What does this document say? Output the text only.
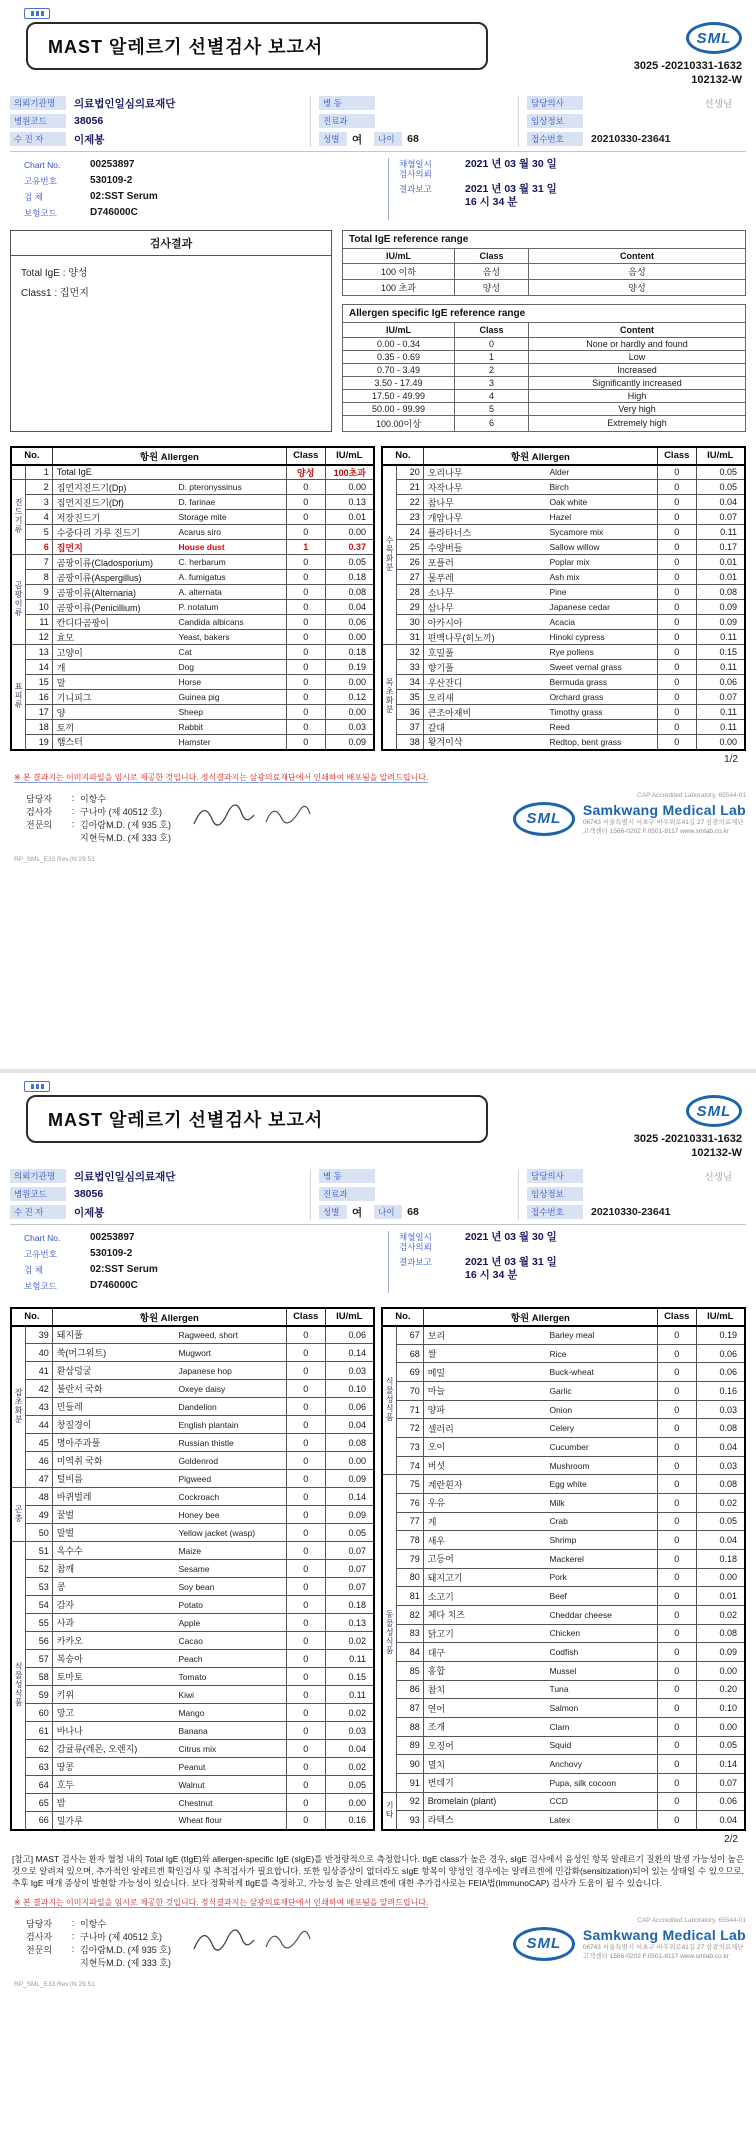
MAST 알레르기 선별검사 보고서	SML
3025 -20210331-1632
102132-W
의뢰기관명	의료법인일심의료재단
병원코드	38056
수 진 자	이제봉
병 동
진료과
성별	여	나이	68
담당의사	선생님
임상정보
접수번호	20210330-23641
Chart No.	00253897
고유번호	530109-2
검 체	02:SST Serum
보험코드	D746000C
채혈일시
검사의뢰
2021 년 03 월 30 일
결과보고	2021 년 03 월 31 일
16 시 34 분
검사결과
Total IgE : 양성
Class1 : 집먼지
Total IgE reference range		
IU/mL	Class	Content
100 이하	음성	음성
100 초과	양성	양성
Allergen specific IgE reference range		
IU/mL	Class	Content
0.00 - 0.34	0	None or hardly and found
0.35 - 0.69	1	Low
0.70 - 3.49	2	Increased
3.50 - 17.49	3	Significantly increased
17.50 - 49.99	4	High
50.00 - 99.99	5	Very high
100.00이상	6	Extremely high
No.		항원 Allergen		Class	IU/mL
	1	Total IgE		양성	100초과
진드기류	2	집먼지진드기(Dp)	D. pteronyssinus	0	0.00
	3	집먼지진드기(Df)	D. farinae	0	0.13
	4	저장진드기	Storage mite	0	0.01
	5	수중다리 가루 진드기	Acarus siro	0	0.00
	6	집먼지	House dust	1	0.37
곰팡이류	7	곰팡이류(Cladosporium)	C. herbarum	0	0.05
	8	곰팡이류(Aspergillus)	A. fumigatus	0	0.18
	9	곰팡이류(Alternaria)	A. alternata	0	0.08
	10	곰팡이류(Penicillium)	P. notatum	0	0.04
	11	칸디다곰팡이	Candida albicans	0	0.06
	12	효모	Yeast, bakers	0	0.00
표피류	13	고양이	Cat	0	0.18
	14	개	Dog	0	0.19
	15	말	Horse	0	0.00
	16	기니피그	Guinea pig	0	0.12
	17	양	Sheep	0	0.00
	18	토끼	Rabbit	0	0.03
	19	햄스터	Hamster	0	0.09
No.		항원 Allergen		Class	IU/mL
수목화분	20	오리나무	Alder	0	0.05
	21	자작나무	Birch	0	0.05
	22	참나무	Oak white	0	0.04
	23	개암나무	Hazel	0	0.07
	24	플라타너스	Sycamore mix	0	0.11
	25	수양버들	Sallow willow	0	0.17
	26	포플러	Poplar mix	0	0.01
	27	물푸레	Ash mix	0	0.01
	28	소나무	Pine	0	0.08
	29	삼나무	Japanese cedar	0	0.09
	30	아카시아	Acacia	0	0.09
	31	편백나무(히노끼)	Hinoki cypress	0	0.11
목초화분	32	호밀풀	Rye pollens	0	0.15
	33	향기풀	Sweet vernal grass	0	0.11
	34	우산잔디	Bermuda grass	0	0.06
	35	오리새	Orchard grass	0	0.07
	36	큰조아재비	Timothy grass	0	0.11
	37	갈대	Reed	0	0.11
	38	왕겨이삭	Redtop, bent grass	0	0.00
1/2
※ 본 결과지는 이미지파일을 임시로 제공한 것입니다. 정식결과지는 삼광의료재단에서 인쇄하여 배포됨을 알려드립니다.
담당자	: 이항수
검사자	: 구나마 (제 40512 호)
전문의	: 김아람M.D. (제 935 호)
지현득M.D. (제 333 호)
CAP Accredited Laboratory, 65544-01
SML
Samkwang Medical Lab
06743 서울특별시 서초구 바우뫼로41길 27 삼광의료재단
고객센터 1566-0202 F.0501-8117 www.smlab.co.kr
RP_SML_E33 Rev.(N 29.51
MAST 알레르기 선별검사 보고서	SML
3025 -20210331-1632
102132-W
의뢰기관명	의료법인일심의료재단
병원코드	38056
수 진 자	이제봉
병 동
진료과
성별	여	나이	68
담당의사	선생님
임상정보
접수번호	20210330-23641
Chart No.	00253897
고유번호	530109-2
검 체	02:SST Serum
보험코드	D746000C
채혈일시
검사의뢰
2021 년 03 월 30 일
결과보고	2021 년 03 월 31 일
16 시 34 분
No.		항원 Allergen		Class	IU/mL
잡초화분	39	돼지풀	Ragweed, short	0	0.06
	40	쑥(머그워트)	Mugwort	0	0.14
	41	환삼덩굴	Japanese hop	0	0.03
	42	불란서 국화	Oxeye daisy	0	0.10
	43	민들레	Dandelion	0	0.06
	44	창질경이	English plantain	0	0.04
	45	명아주과풀	Russian thistle	0	0.08
	46	미역취 국화	Goldenrod	0	0.00
	47	털비름	Pigweed	0	0.09
곤충	48	바퀴벌레	Cockroach	0	0.14
	49	꿀벌	Honey bee	0	0.09
	50	말벌	Yellow jacket (wasp)	0	0.05
식물성식품	51	옥수수	Maize	0	0.07
	52	참깨	Sesame	0	0.07
	53	콩	Soy bean	0	0.07
	54	감자	Potato	0	0.18
	55	사과	Apple	0	0.13
	56	카카오	Cacao	0	0.02
	57	복숭아	Peach	0	0.11
	58	토마토	Tomato	0	0.15
	59	키위	Kiwi	0	0.11
	60	망고	Mango	0	0.02
	61	바나나	Banana	0	0.03
	62	감귤류(레몬, 오렌지)	Citrus mix	0	0.04
	63	땅콩	Peanut	0	0.02
	64	호두	Walnut	0	0.05
	65	밤	Chestnut	0	0.00
	66	밀가루	Wheat flour	0	0.16
No.		항원 Allergen		Class	IU/mL
식물성식품	67	보리	Barley meal	0	0.19
	68	쌀	Rice	0	0.06
	69	메밀	Buck-wheat	0	0.06
	70	마늘	Garlic	0	0.16
	71	양파	Onion	0	0.03
	72	셀러리	Celery	0	0.08
	73	오이	Cucumber	0	0.04
	74	버섯	Mushroom	0	0.03
동물성식품	75	계란흰자	Egg white	0	0.08
	76	우유	Milk	0	0.02
	77	게	Crab	0	0.05
	78	새우	Shrimp	0	0.04
	79	고등어	Mackerel	0	0.18
	80	돼지고기	Pork	0	0.00
	81	소고기	Beef	0	0.01
	82	체다 치즈	Cheddar cheese	0	0.02
	83	닭고기	Chicken	0	0.08
	84	대구	Codfish	0	0.09
	85	홍합	Mussel	0	0.00
	86	참치	Tuna	0	0.20
	87	연어	Salmon	0	0.10
	88	조개	Clam	0	0.00
	89	오징어	Squid	0	0.05
	90	멸치	Anchovy	0	0.14
	91	번데기	Pupa, silk cocoon	0	0.07
기타	92	Bromelain (plant)	CCD	0	0.06
	93	라텍스	Latex	0	0.04
2/2
[참고] MAST 검사는 환자 혈청 내의 Total IgE (tIgE)와 allergen-specific IgE (sIgE)를 반정량적으로 측정합니다. tIgE class가 높은 경우, sIgE 검사에서 음성인 항목 알레르기 질환의 발생 가능성이 높은 것으로 알려져 있으며, 추가적인 알레르겐 확인검사 및 추적검사가 필요합니다. 또한 임상증상이 없더라도 sIgE 항목이 양성인 경우에는 알레르겐에 민감화(sensitization)되어 있는 상태일 수 있으므로, 추후 IgE 매개 증상이 발현할 가능성이 있습니다. 보다 정확하게 tIgE를 측정하고, 가능성 높은 알레르겐에 대한 추가검사로는 FEIA법(ImmunoCAP) 검사가 도움이 될 수 있습니다.
※ 본 결과지는 이미지파일을 임시로 제공한 것입니다. 정식결과지는 삼광의료재단에서 인쇄하여 배포됨을 알려드립니다.
담당자	: 이항수
검사자	: 구나마 (제 40512 호)
전문의	: 김아람M.D. (제 935 호)
지현득M.D. (제 333 호)
CAP Accredited Laboratory, 65544-01
SML
Samkwang Medical Lab
06743 서울특별시 서초구 바우뫼로41길 27 삼광의료재단
고객센터 1566-0202 F.0501-8117 www.smlab.co.kr
RP_SML_E33 Rev.(N 29.51
